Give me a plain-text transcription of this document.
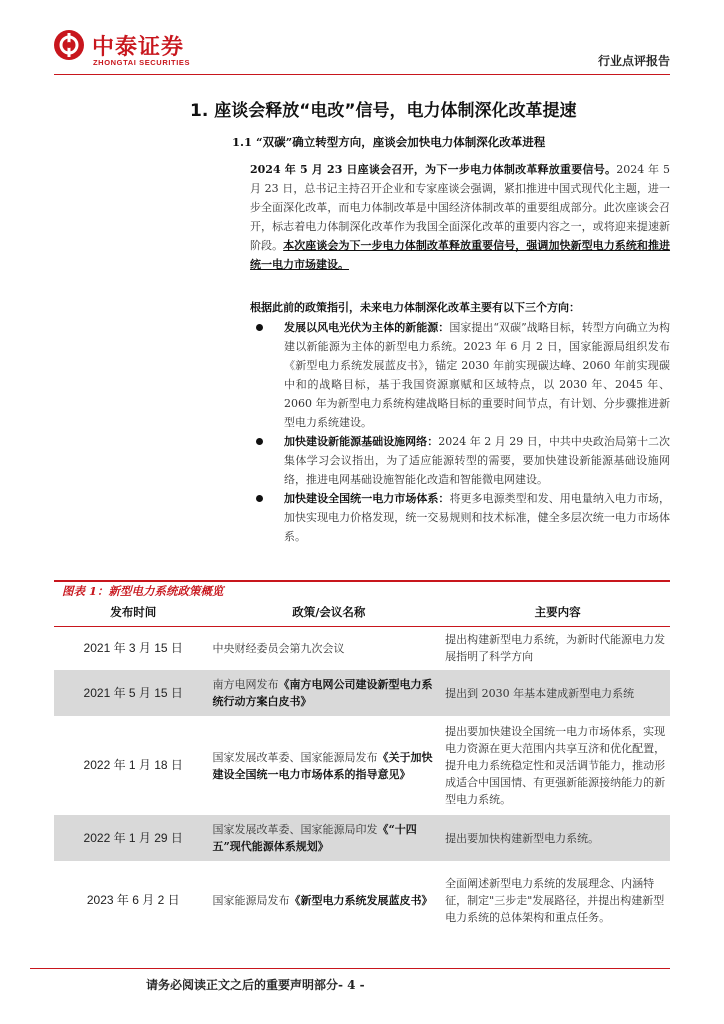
中泰证券
ZHONGTAI SECURITIES	行业点评报告
1. 座谈会释放“电改”信号，电力体制深化改革提速
1.1 “双碳”确立转型方向，座谈会加快电力体制深化改革进程
2024 年 5 月 23 日座谈会召开，为下一步电力体制改革释放重要信号。2024 年 5 月 23 日，总书记主持召开企业和专家座谈会强调，紧扣推进中国式现代化主题，进一步全面深化改革，而电力体制改革是中国经济体制改革的重要组成部分。此次座谈会召开，标志着电力体制深化改革作为我国全面深化改革的重要内容之一，或将迎来提速新阶段。本次座谈会为下一步电力体制改革释放重要信号，强调加快新型电力系统和推进统一电力市场建设。
根据此前的政策指引，未来电力体制深化改革主要有以下三个方向：
发展以风电光伏为主体的新能源：国家提出“双碳”战略目标，转型方向确立为构建以新能源为主体的新型电力系统。2023 年 6 月 2 日，国家能源局组织发布《新型电力系统发展蓝皮书》，锚定 2030 年前实现碳达峰、2060 年前实现碳中和的战略目标，基于我国资源禀赋和区域特点，以 2030 年、2045 年、2060 年为新型电力系统构建战略目标的重要时间节点，有计划、分步骤推进新型电力系统建设。
加快建设新能源基础设施网络：2024 年 2 月 29 日，中共中央政治局第十二次集体学习会议指出，为了适应能源转型的需要，要加快建设新能源基础设施网络，推进电网基础设施智能化改造和智能微电网建设。
加快建设全国统一电力市场体系：将更多电源类型和发、用电量纳入电力市场，加快实现电力价格发现，统一交易规则和技术标准，健全多层次统一电力市场体系。
图表 1：新型电力系统政策概览
发布时间	政策/会议名称	主要内容
2021 年 3 月 15 日	中央财经委员会第九次会议	提出构建新型电力系统，为新时代能源电力发展指明了科学方向
2021 年 5 月 15 日	南方电网发布《南方电网公司建设新型电力系统行动方案白皮书》	提出到 2030 年基本建成新型电力系统
2022 年 1 月 18 日	国家发展改革委、国家能源局发布《关于加快建设全国统一电力市场体系的指导意见》	提出要加快建设全国统一电力市场体系，实现电力资源在更大范围内共享互济和优化配置，提升电力系统稳定性和灵活调节能力，推动形成适合中国国情、有更强新能源接纳能力的新型电力系统。
2022 年 1 月 29 日	国家发展改革委、国家能源局印发《“十四五”现代能源体系规划》	提出要加快构建新型电力系统。
2023 年 6 月 2 日	国家能源局发布《新型电力系统发展蓝皮书》	全面阐述新型电力系统的发展理念、内涵特征，制定"三步走"发展路径，并提出构建新型电力系统的总体架构和重点任务。
请务必阅读正文之后的重要声明部分- 4 -
